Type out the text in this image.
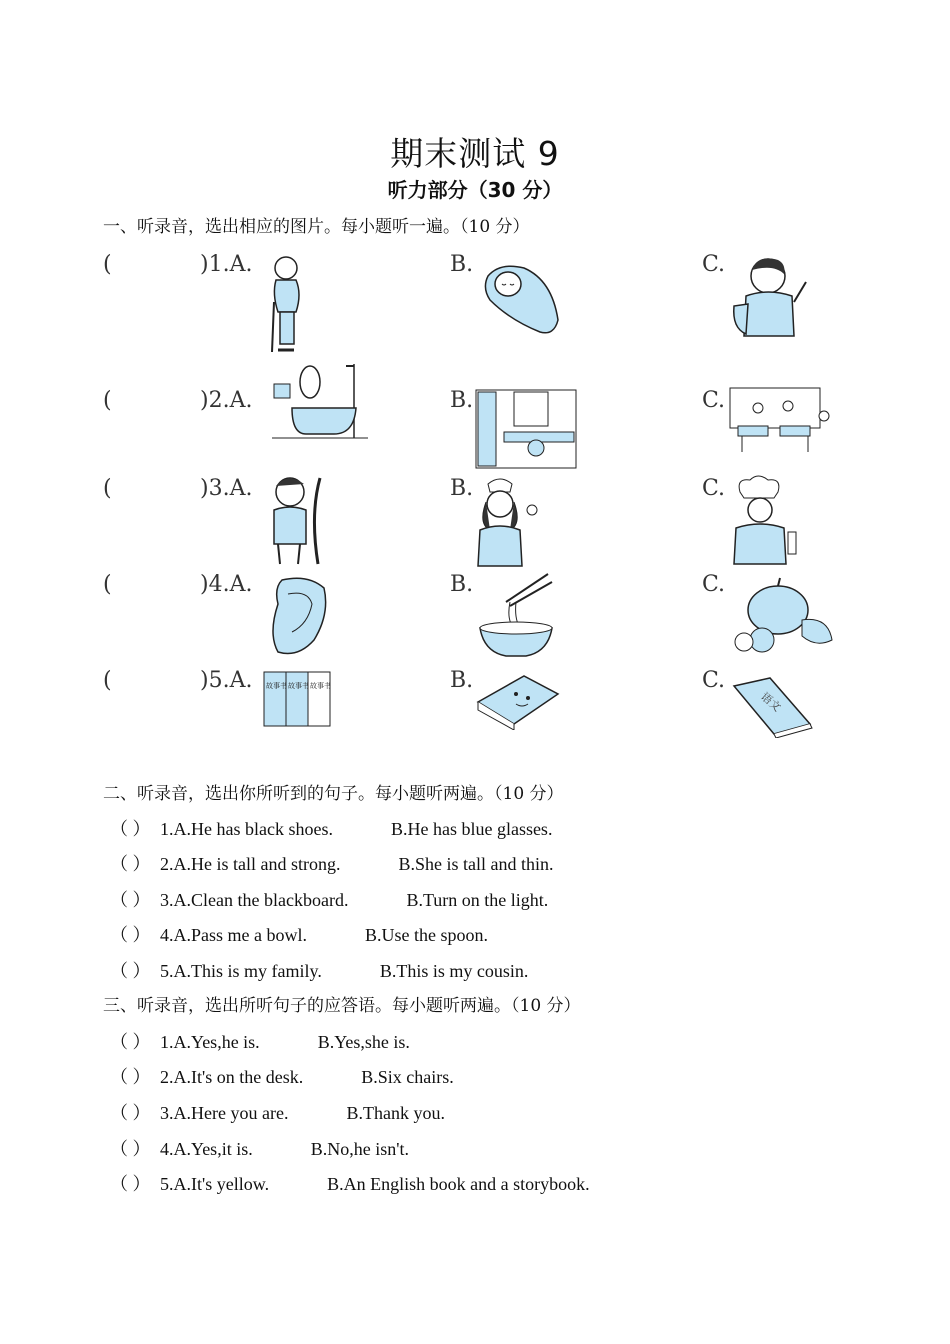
期末测试 9
听力部分（30 分）
一、听录音，选出相应的图片。每小题听一遍。（10 分）
(	)1.A.	B.	C.
(	)2.A.	B.	C.
(	)3.A.	B.	C.
(	)4.A.	B.	C.
(	)5.A.	B.	C.
故事书 故事书 故事书
语文
二、听录音，选出你所听到的句子。每小题听两遍。（10 分）
（ ） 1.A.He has black shoes.	B.He has blue glasses.
（ ） 2.A.He is tall and strong.	B.She is tall and thin.
（ ） 3.A.Clean the blackboard.	B.Turn on the light.
（ ） 4.A.Pass me a bowl.	B.Use the spoon.
（ ） 5.A.This is my family.	B.This is my cousin.
三、听录音，选出所听句子的应答语。每小题听两遍。（10 分）
（ ） 1.A.Yes,he is.	B.Yes,she is.
（ ） 2.A.It's on the desk.	B.Six chairs.
（ ） 3.A.Here you are.	B.Thank you.
（ ） 4.A.Yes,it is.	B.No,he isn't.
（ ） 5.A.It's yellow.	B.An English book and a storybook.
